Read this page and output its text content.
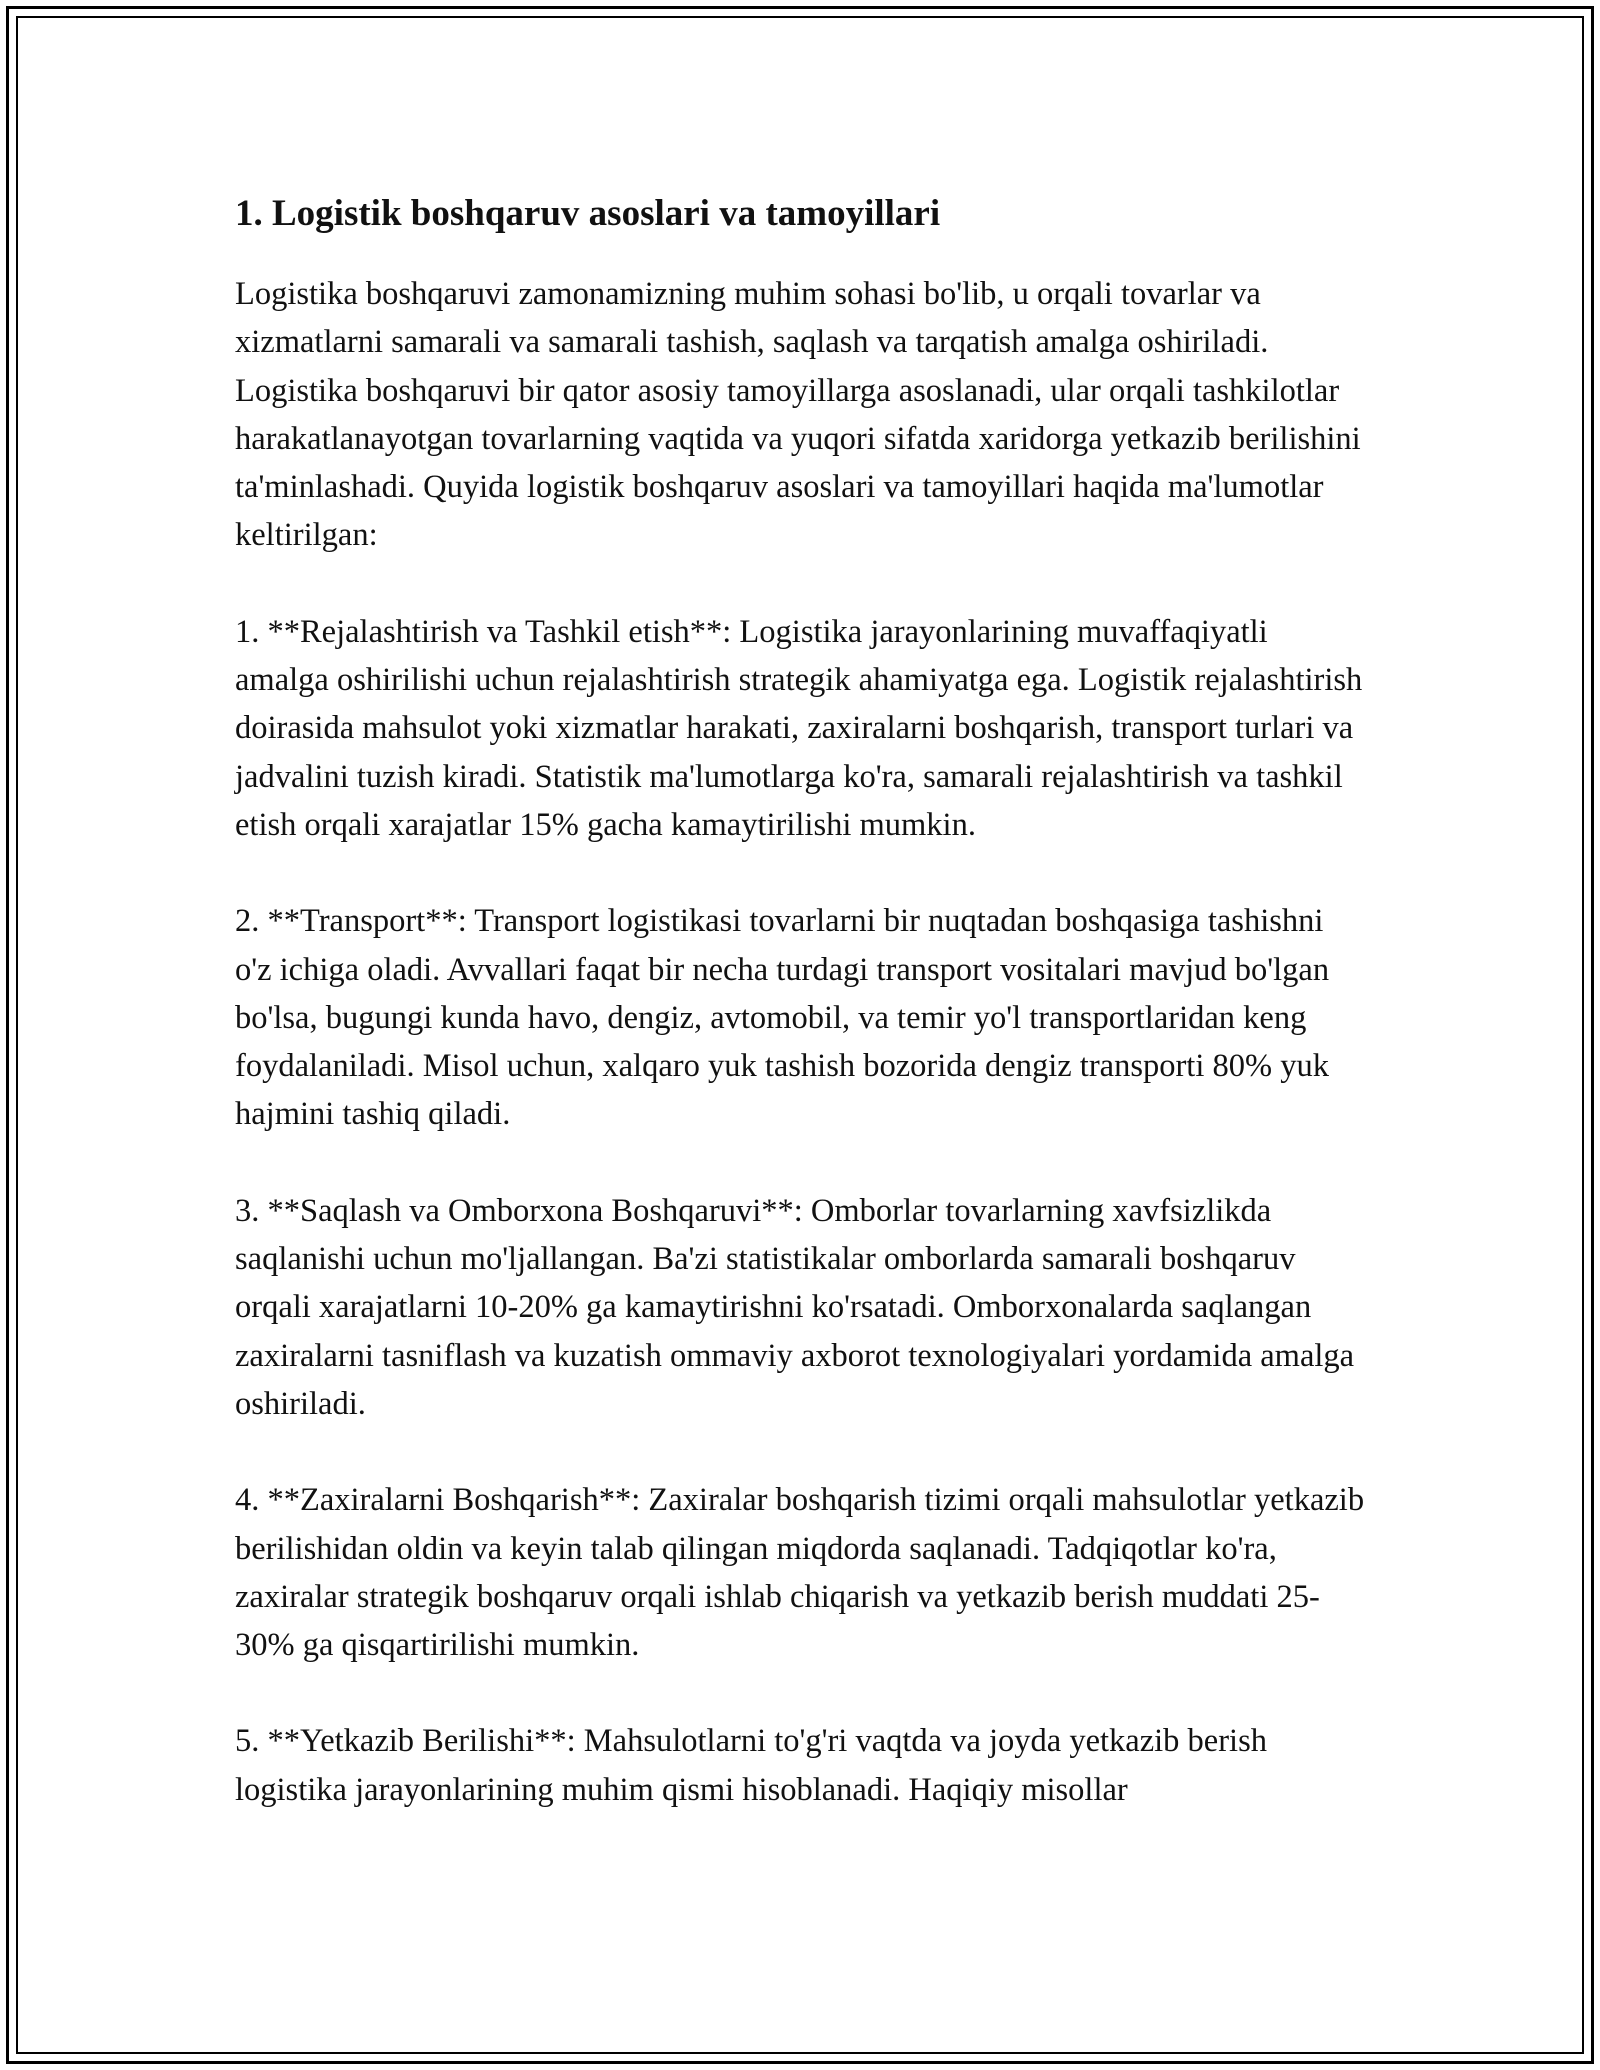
1. Logistik boshqaruv asoslari va tamoyillari

Logistika boshqaruvi zamonamizning muhim sohasi bo'lib, u orqali tovarlar va xizmatlarni samarali va samarali tashish, saqlash va tarqatish amalga oshiriladi. Logistika boshqaruvi bir qator asosiy tamoyillarga asoslanadi, ular orqali tashkilotlar harakatlanayotgan tovarlarning vaqtida va yuqori sifatda xaridorga yetkazib berilishini ta'minlashadi. Quyida logistik boshqaruv asoslari va tamoyillari haqida ma'lumotlar keltirilgan:

1. **Rejalashtirish va Tashkil etish**: Logistika jarayonlarining muvaffaqiyatli amalga oshirilishi uchun rejalashtirish strategik ahamiyatga ega. Logistik rejalashtirish doirasida mahsulot yoki xizmatlar harakati, zaxiralarni boshqarish, transport turlari va jadvalini tuzish kiradi. Statistik ma'lumotlarga ko'ra, samarali rejalashtirish va tashkil etish orqali xarajatlar 15% gacha kamaytirilishi mumkin.

2. **Transport**: Transport logistikasi tovarlarni bir nuqtadan boshqasiga tashishni o'z ichiga oladi. Avvallari faqat bir necha turdagi transport vositalari mavjud bo'lgan bo'lsa, bugungi kunda havo, dengiz, avtomobil, va temir yo'l transportlaridan keng foydalaniladi. Misol uchun, xalqaro yuk tashish bozorida dengiz transporti 80% yuk hajmini tashiq qiladi.

3. **Saqlash va Omborxona Boshqaruvi**: Omborlar tovarlarning xavfsizlikda saqlanishi uchun mo'ljallangan. Ba'zi statistikalar omborlarda samarali boshqaruv orqali xarajatlarni 10-20% ga kamaytirishni ko'rsatadi. Omborxonalarda saqlangan zaxiralarni tasniflash va kuzatish ommaviy axborot texnologiyalari yordamida amalga oshiriladi.

4. **Zaxiralarni Boshqarish**: Zaxiralar boshqarish tizimi orqali mahsulotlar yetkazib berilishidan oldin va keyin talab qilingan miqdorda saqlanadi. Tadqiqotlar ko'ra, zaxiralar strategik boshqaruv orqali ishlab chiqarish va yetkazib berish muddati 25-30% ga qisqartirilishi mumkin.

5. **Yetkazib Berilishi**: Mahsulotlarni to'g'ri vaqtda va joyda yetkazib berish logistika jarayonlarining muhim qismi hisoblanadi. Haqiqiy misollar
